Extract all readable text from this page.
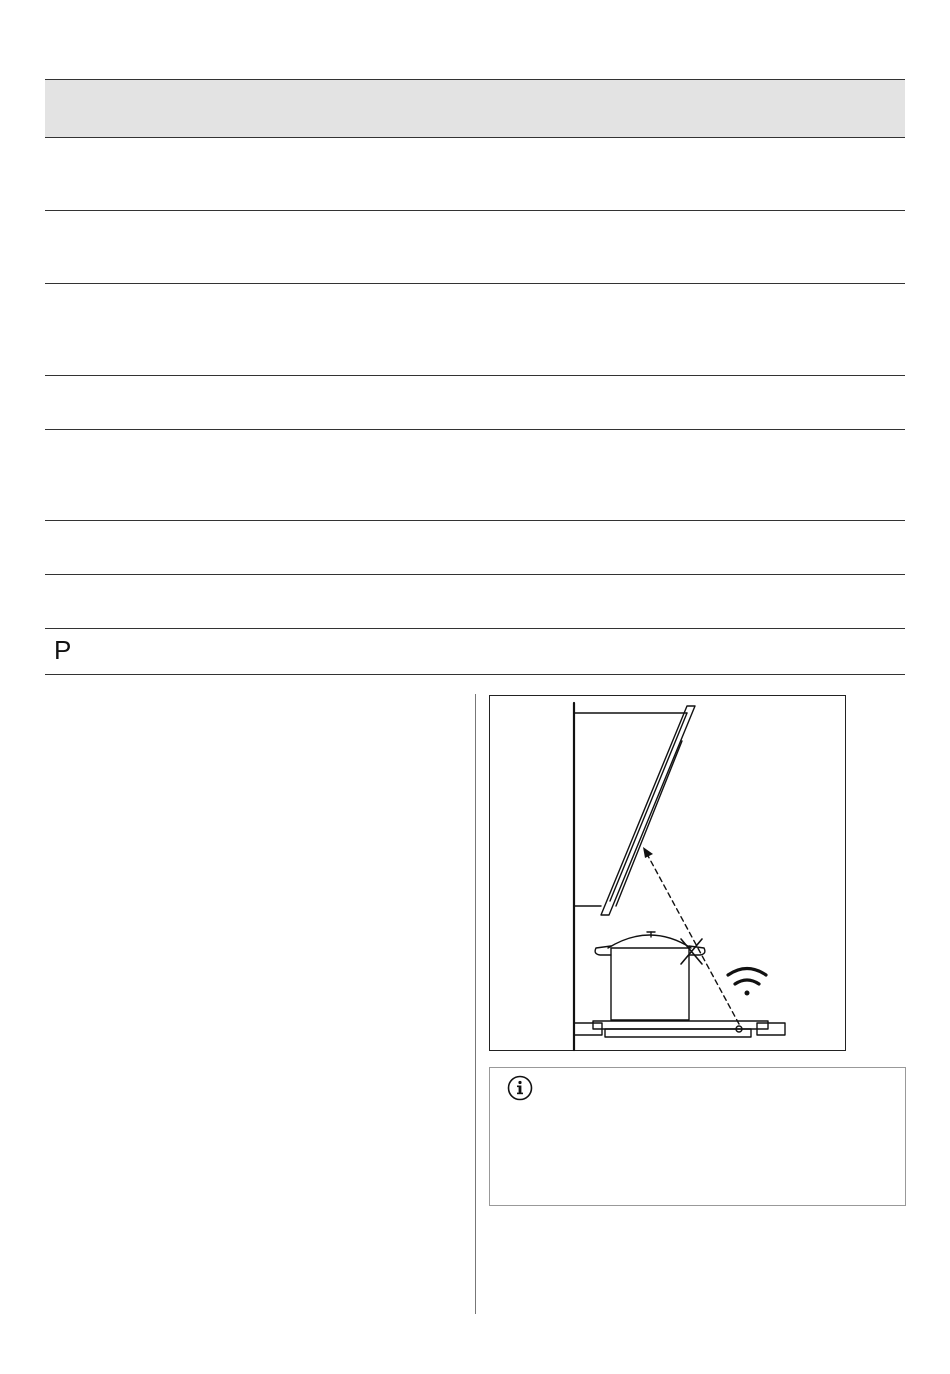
P
